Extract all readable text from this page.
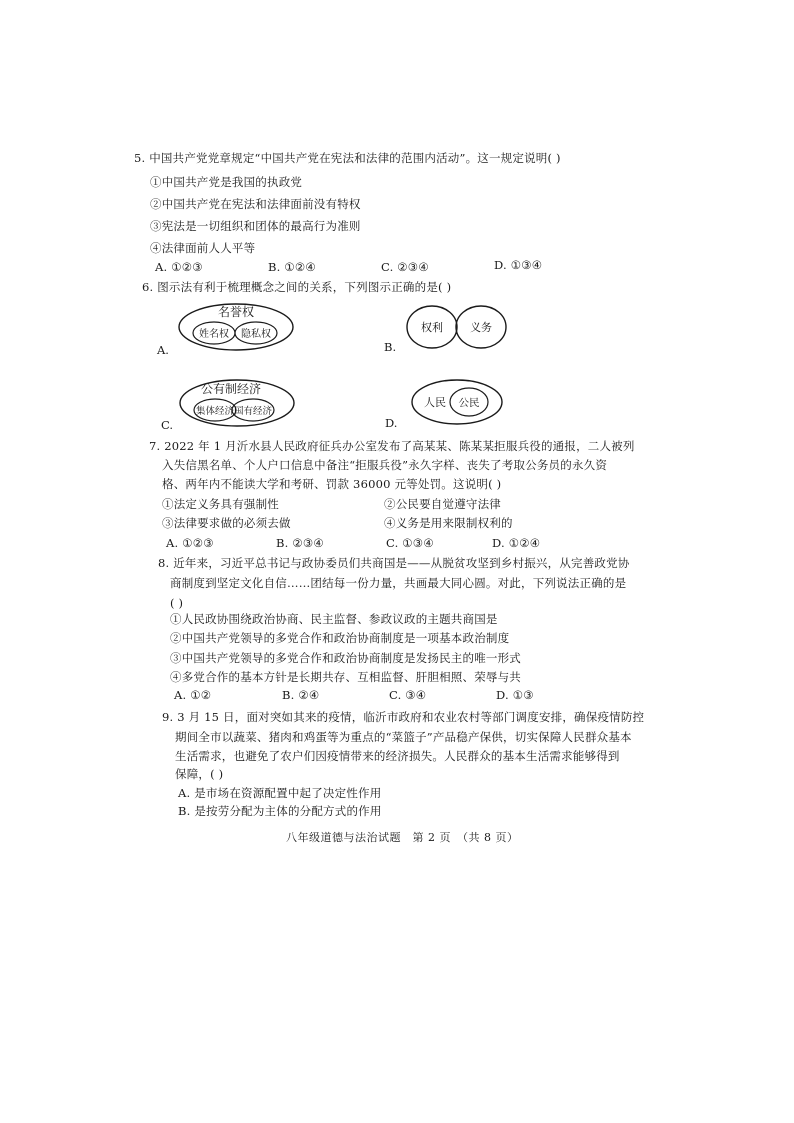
5. 中国共产党党章规定“中国共产党在宪法和法律的范围内活动”。这一规定说明( )
①中国共产党是我国的执政党
②中国共产党在宪法和法律面前没有特权
③宪法是一切组织和团体的最高行为准则
④法律面前人人平等
A. ①②③	B. ①②④	C. ②③④	D. ①③④
6. 图示法有利于梳理概念之间的关系，下列图示正确的是( )
名誉权
姓名权 隐私权
A.
权利 义务
B.
公有制经济
集体经济 国有经济
C.
人民 公民
D.
7. 2022 年 1 月沂水县人民政府征兵办公室发布了高某某、陈某某拒服兵役的通报，二人被列
入失信黑名单、个人户口信息中备注“拒服兵役”永久字样、丧失了考取公务员的永久资
格、两年内不能读大学和考研、罚款 36000 元等处罚。这说明( )
①法定义务具有强制性	②公民要自觉遵守法律
③法律要求做的必须去做	④义务是用来限制权利的
A. ①②③	B. ②③④	C. ①③④	D. ①②④
8. 近年来，习近平总书记与政协委员们共商国是——从脱贫攻坚到乡村振兴，从完善政党协
商制度到坚定文化自信……团结每一份力量，共画最大同心圆。对此，下列说法正确的是
( )
①人民政协围绕政治协商、民主监督、参政议政的主题共商国是
②中国共产党领导的多党合作和政治协商制度是一项基本政治制度
③中国共产党领导的多党合作和政治协商制度是发扬民主的唯一形式
④多党合作的基本方针是长期共存、互相监督、肝胆相照、荣辱与共
A. ①②	B. ②④	C. ③④	D. ①③
9. 3 月 15 日，面对突如其来的疫情，临沂市政府和农业农村等部门调度安排，确保疫情防控
期间全市以蔬菜、猪肉和鸡蛋等为重点的“菜篮子”产品稳产保供，切实保障人民群众基本
生活需求，也避免了农户们因疫情带来的经济损失。人民群众的基本生活需求能够得到
保障，( )
A. 是市场在资源配置中起了决定性作用
B. 是按劳分配为主体的分配方式的作用
八年级道德与法治试题　第 2 页　（共 8 页）
